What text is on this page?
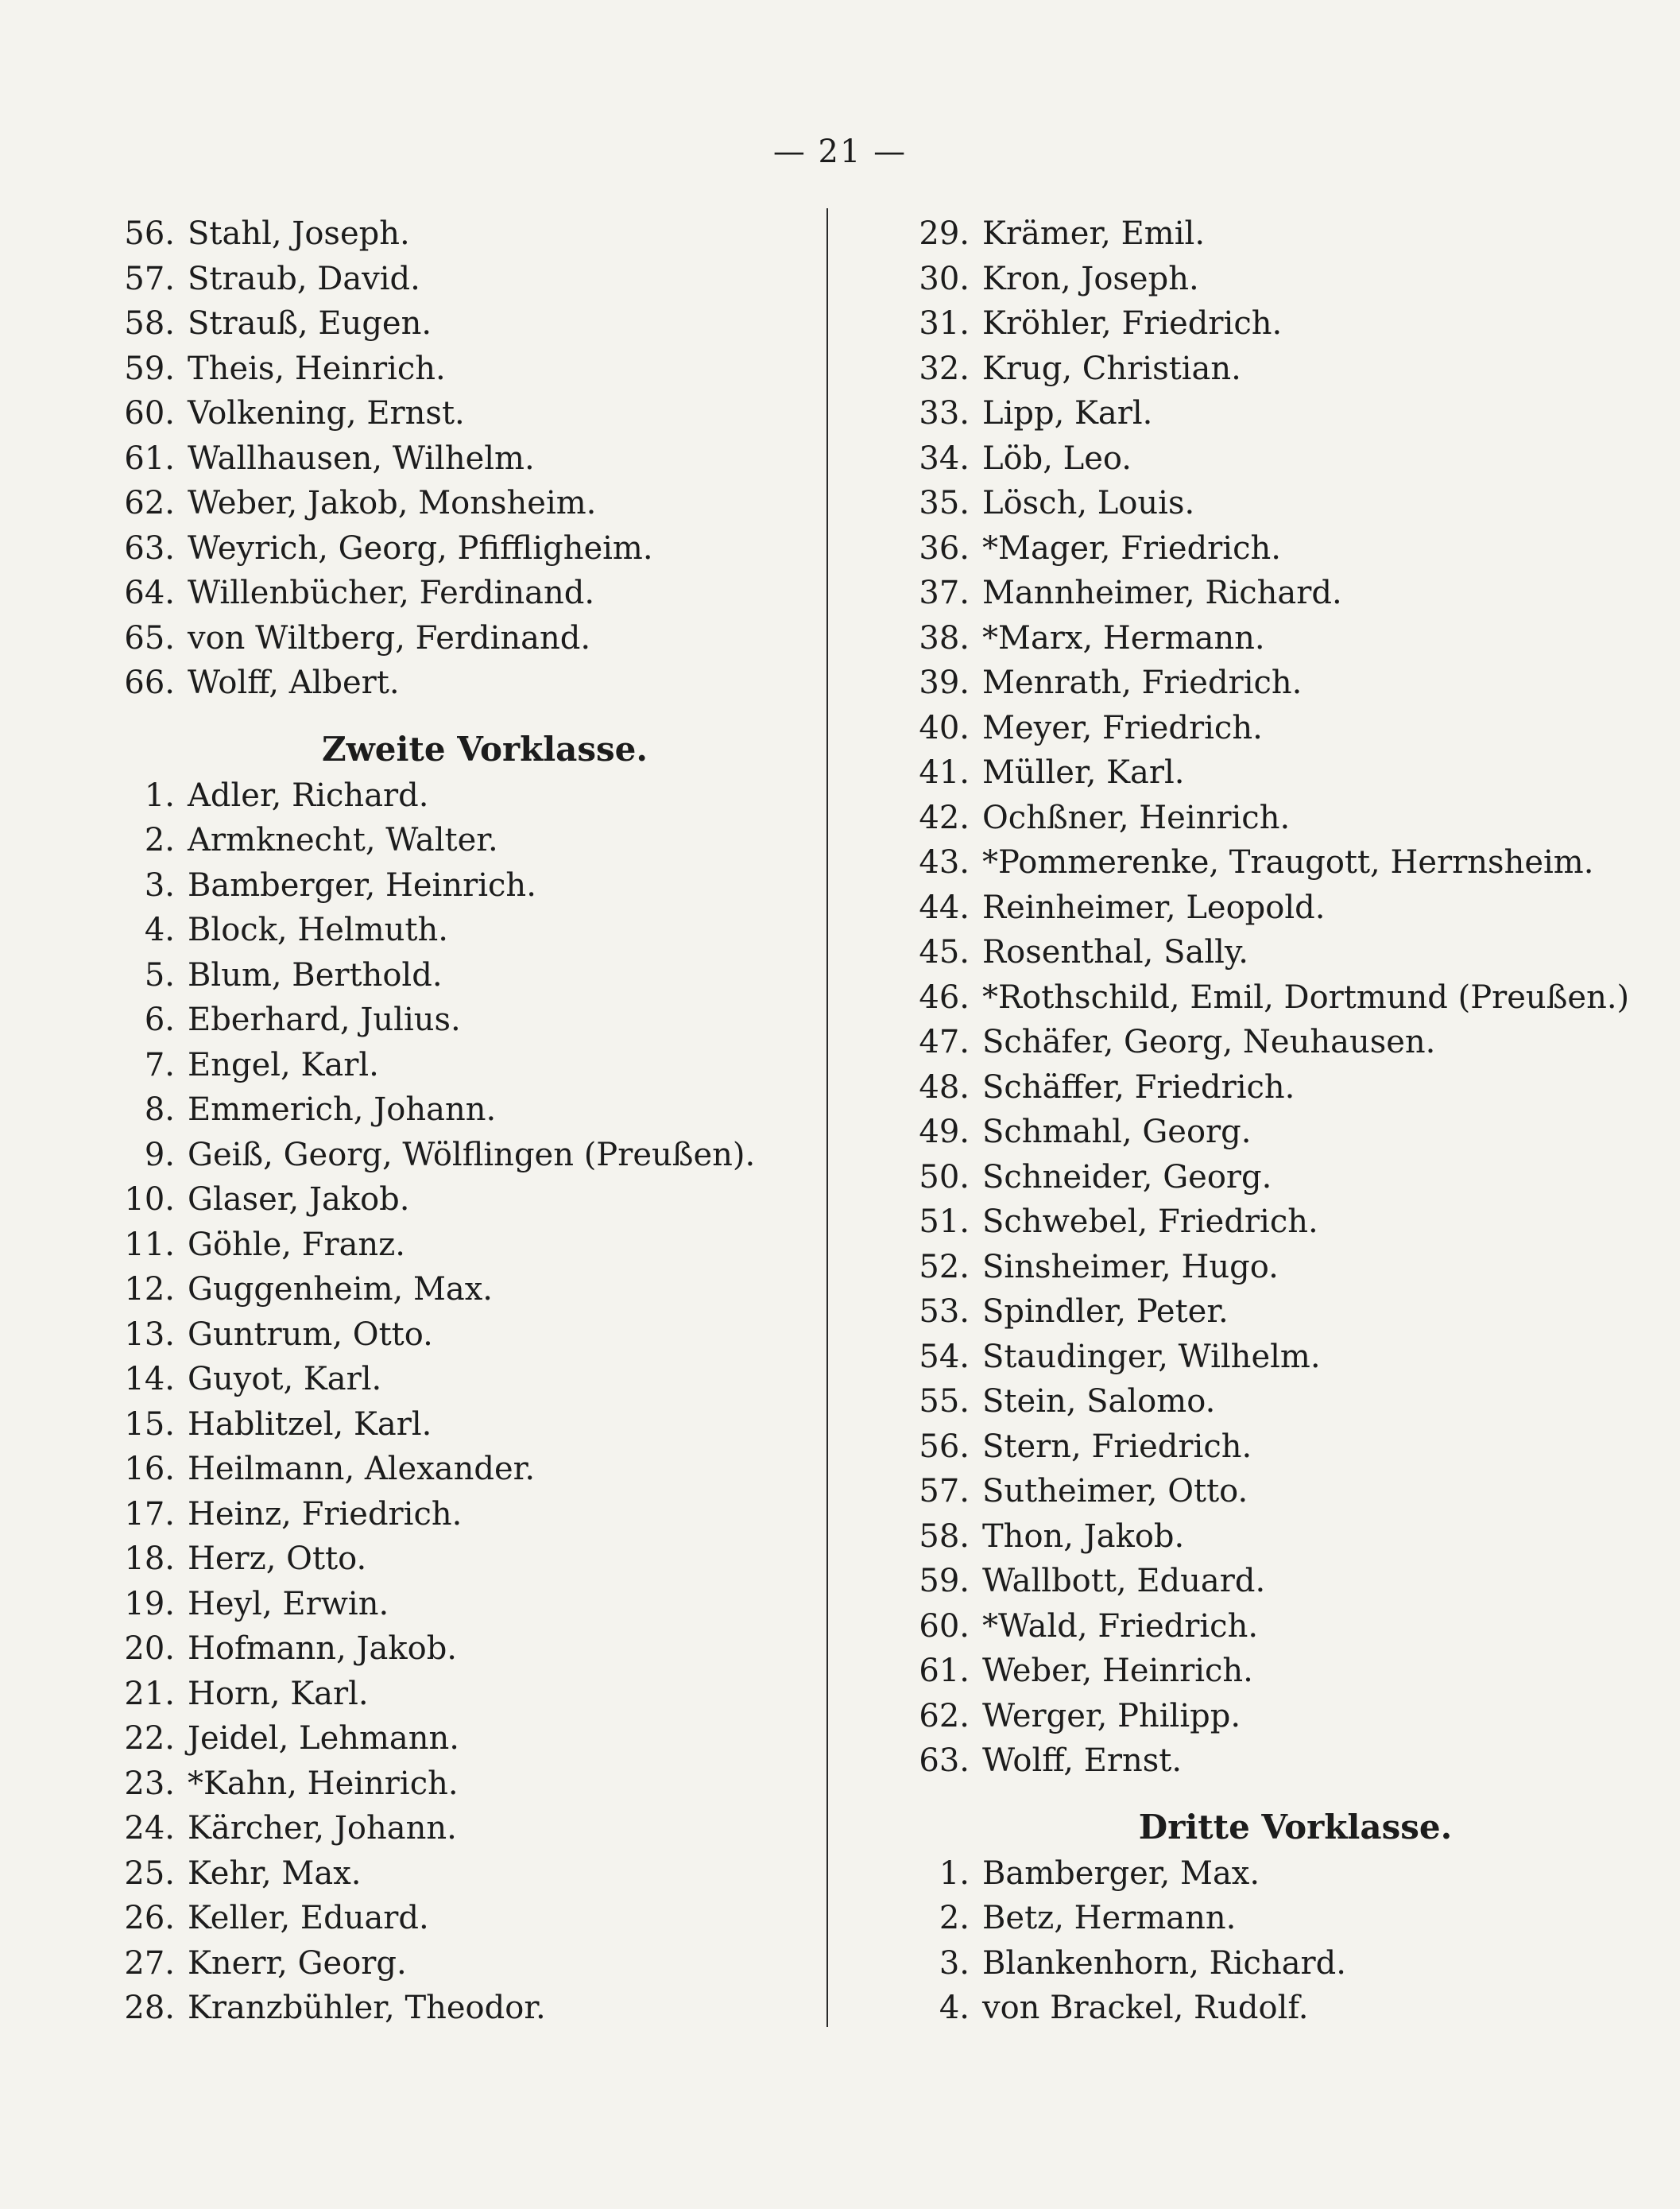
— 21 —
56. Stahl, Joseph.
57. Straub, David.
58. Strauß, Eugen.
59. Theis, Heinrich.
60. Volkening, Ernst.
61. Wallhausen, Wilhelm.
62. Weber, Jakob, Monsheim.
63. Weyrich, Georg, Pfiffligheim.
64. Willenbücher, Ferdinand.
65. von Wiltberg, Ferdinand.
66. Wolff, Albert.
Zweite Vorklasse.
1. Adler, Richard.
2. Armknecht, Walter.
3. Bamberger, Heinrich.
4. Block, Helmuth.
5. Blum, Berthold.
6. Eberhard, Julius.
7. Engel, Karl.
8. Emmerich, Johann.
9. Geiß, Georg, Wölflingen (Preußen).
10. Glaser, Jakob.
11. Göhle, Franz.
12. Guggenheim, Max.
13. Guntrum, Otto.
14. Guyot, Karl.
15. Hablitzel, Karl.
16. Heilmann, Alexander.
17. Heinz, Friedrich.
18. Herz, Otto.
19. Heyl, Erwin.
20. Hofmann, Jakob.
21. Horn, Karl.
22. Jeidel, Lehmann.
23. *Kahn, Heinrich.
24. Kärcher, Johann.
25. Kehr, Max.
26. Keller, Eduard.
27. Knerr, Georg.
28. Kranzbühler, Theodor.
29. Krämer, Emil.
30. Kron, Joseph.
31. Kröhler, Friedrich.
32. Krug, Christian.
33. Lipp, Karl.
34. Löb, Leo.
35. Lösch, Louis.
36. *Mager, Friedrich.
37. Mannheimer, Richard.
38. *Marx, Hermann.
39. Menrath, Friedrich.
40. Meyer, Friedrich.
41. Müller, Karl.
42. Ochßner, Heinrich.
43. *Pommerenke, Traugott, Herrnsheim.
44. Reinheimer, Leopold.
45. Rosenthal, Sally.
46. *Rothschild, Emil, Dortmund (Preußen.)
47. Schäfer, Georg, Neuhausen.
48. Schäffer, Friedrich.
49. Schmahl, Georg.
50. Schneider, Georg.
51. Schwebel, Friedrich.
52. Sinsheimer, Hugo.
53. Spindler, Peter.
54. Staudinger, Wilhelm.
55. Stein, Salomo.
56. Stern, Friedrich.
57. Sutheimer, Otto.
58. Thon, Jakob.
59. Wallbott, Eduard.
60. *Wald, Friedrich.
61. Weber, Heinrich.
62. Werger, Philipp.
63. Wolff, Ernst.
Dritte Vorklasse.
1. Bamberger, Max.
2. Betz, Hermann.
3. Blankenhorn, Richard.
4. von Brackel, Rudolf.
